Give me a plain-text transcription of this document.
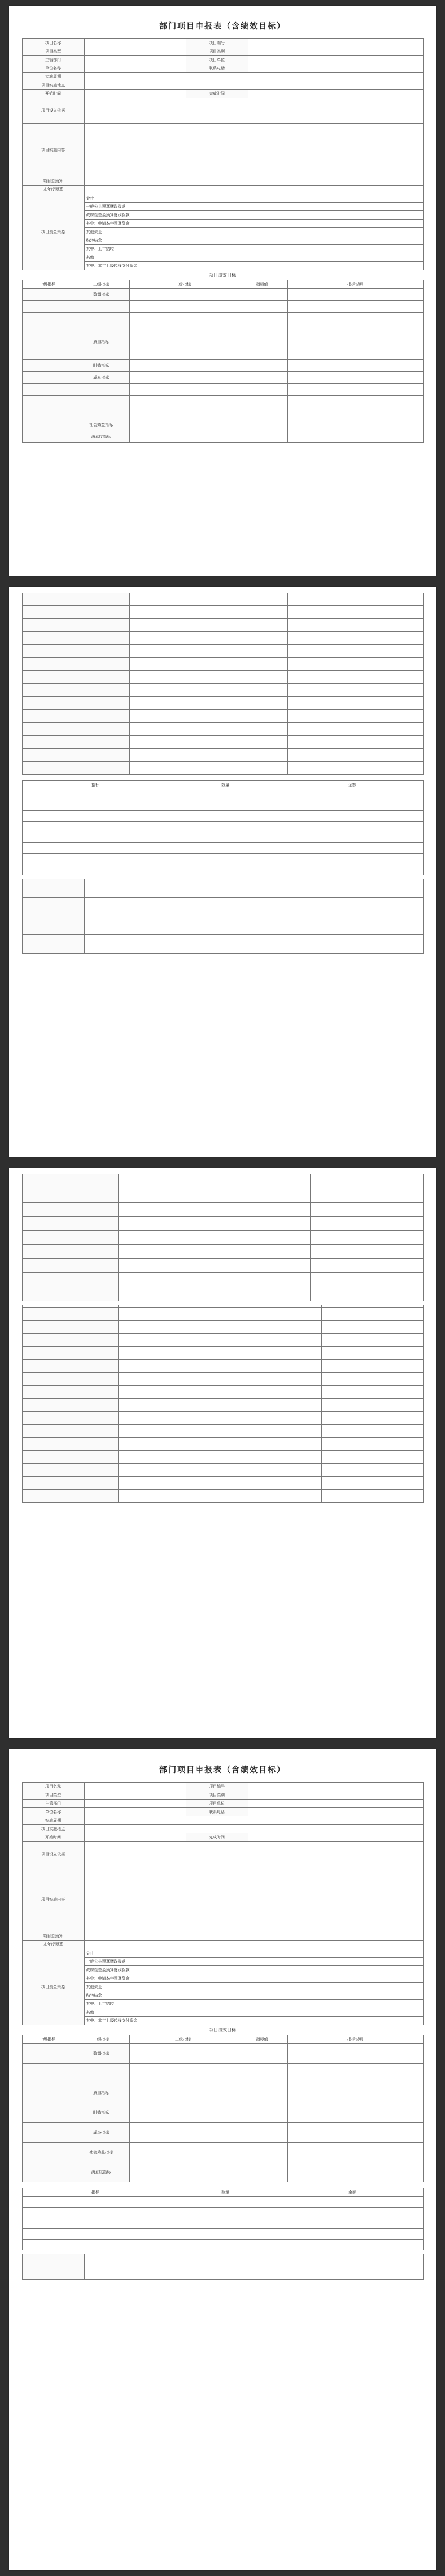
部门项目申报表（含绩效目标）
项目名称		项目编号		
项目类型		项目类别		
主管部门		项目单位		
单位名称		联系电话		
实施周期				
项目实施地点				
开始时间		完成时间		
项目设立依据				
项目实施内容				
项目总预算				
本年度预算				
项目资金来源	合计			
	一般公共预算财政拨款			
	政府性基金预算财政拨款			
	其中：申请本年预算资金			
	其他资金			
	结转结余			
	其中：上年结转			
	其他			
	其中：本年上级转移支付资金			
项目绩效目标
一级指标	二级指标	三级指标	指标值	指标说明
	数量指标			

	质量指标			

	时效指标			
	成本指标			

	社会效益指标			
	满意度指标			

指标	数量	金额

部门项目申报表（含绩效目标）
项目名称		项目编号		
项目类型		项目类别		
主管部门		项目单位		
单位名称		联系电话		
实施周期				
项目实施地点				
开始时间		完成时间		
项目设立依据				
项目实施内容				
项目总预算				
本年度预算				
项目资金来源	合计			
	一般公共预算财政拨款			
	政府性基金预算财政拨款			
	其中：申请本年预算资金			
	其他资金			
	结转结余			
	其中：上年结转			
	其他			
	其中：本年上级转移支付资金			
项目绩效目标
一级指标	二级指标	三级指标	指标值	指标说明
	数量指标			

	质量指标			
	时效指标			
	成本指标			
	社会效益指标			
	满意度指标			
指标	数量	金额
